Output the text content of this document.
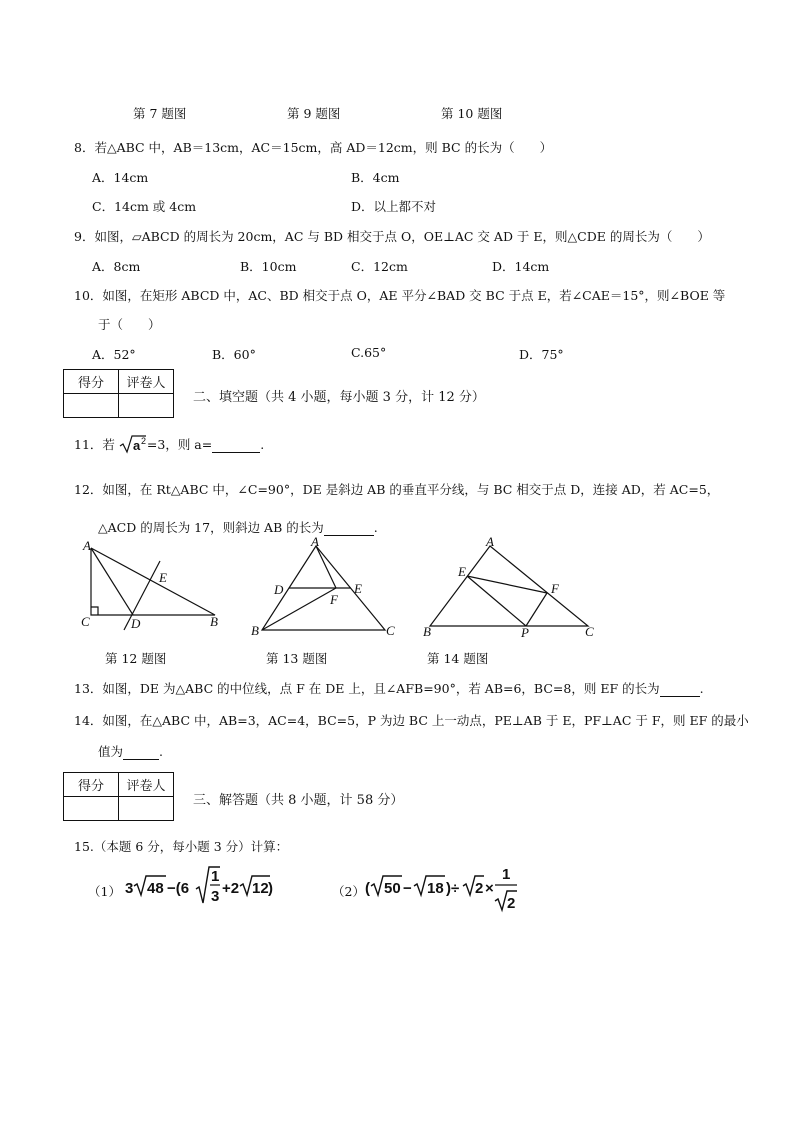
第 7 题图	第 9 题图	第 10 题图
8．若△ABC 中，AB＝13cm，AC＝15cm，高 AD＝12cm，则 BC 的长为（　　）
A．14cm	B．4cm
C．14cm 或 4cm	D．以上都不对
9．如图，▱ABCD 的周长为 20cm，AC 与 BD 相交于点 O，OE⊥AC 交 AD 于 E，则△CDE 的周长为（　　）
A．8cm	B．10cm	C．12cm	D．14cm
10．如图，在矩形 ABCD 中，AC、BD 相交于点 O，AE 平分∠BAD 交 BC 于点 E，若∠CAE＝15°，则∠BOE 等
于（　　）
A．52°	B．60°	C.65°	D．75°
得分	评卷人

二、填空题（共 4 小题，每小题 3 分，计 12 分）
11．若 a 2 =3，则 a=	.
12．如图，在 Rt△ABC 中，∠C=90°，DE 是斜边 AB 的垂直平分线，与 BC 相交于点 D，连接 AD，若 AC=5，
△ACD 的周长为 17，则斜边 AB 的长为	.
A
E
C	D	B
A
D	E
F
B	C
A
E
F
B	P	C
第 12 题图	第 13 题图	第 14 题图
13．如图，DE 为△ABC 的中位线，点 F 在 DE 上，且∠AFB=90°，若 AB=6，BC=8，则 EF 的长为	.
14．如图，在△ABC 中，AB=3，AC=4，BC=5，P 为边 BC 上一动点，PE⊥AB 于 E，PF⊥AC 于 F，则 EF 的最小
值为	.
得分	评卷人

三、解答题（共 8 小题，计 58 分）
15.（本题 6 分，每小题 3 分）计算：
（1） 3 48 −(6
1
3 +2 12 )	（2） ( 50 − 18 )÷ 2 ×
1
2
